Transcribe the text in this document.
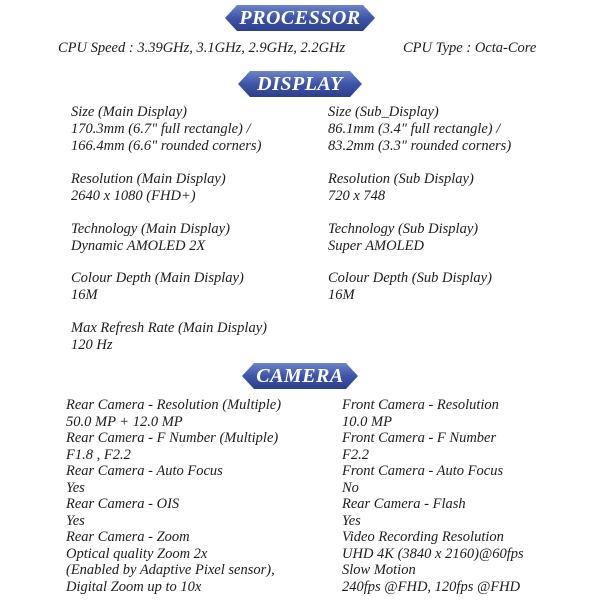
PROCESSOR
CPU Speed : 3.39GHz, 3.1GHz, 2.9GHz, 2.2GHz	CPU Type : Octa-Core
DISPLAY
Size (Main Display)
170.3mm (6.7" full rectangle) /
166.4mm (6.6" rounded corners)
Resolution (Main Display)
2640 x 1080 (FHD+)
Technology (Main Display)
Dynamic AMOLED 2X
Colour Depth (Main Display)
16M
Max Refresh Rate (Main Display)
120 Hz
Size (Sub_Display)
86.1mm (3.4" full rectangle) /
83.2mm (3.3" rounded corners)
Resolution (Sub Display)
720 x 748
Technology (Sub Display)
Super AMOLED
Colour Depth (Sub Display)
16M
CAMERA
Rear Camera - Resolution (Multiple)
50.0 MP + 12.0 MP
Rear Camera - F Number (Multiple)
F1.8 , F2.2
Rear Camera - Auto Focus
Yes
Rear Camera - OIS
Yes
Rear Camera - Zoom
Optical quality Zoom 2x
(Enabled by Adaptive Pixel sensor),
Digital Zoom up to 10x
Front Camera - Resolution
10.0 MP
Front Camera - F Number
F2.2
Front Camera - Auto Focus
No
Rear Camera - Flash
Yes
Video Recording Resolution
UHD 4K (3840 x 2160)@60fps
Slow Motion
240fps @FHD, 120fps @FHD
